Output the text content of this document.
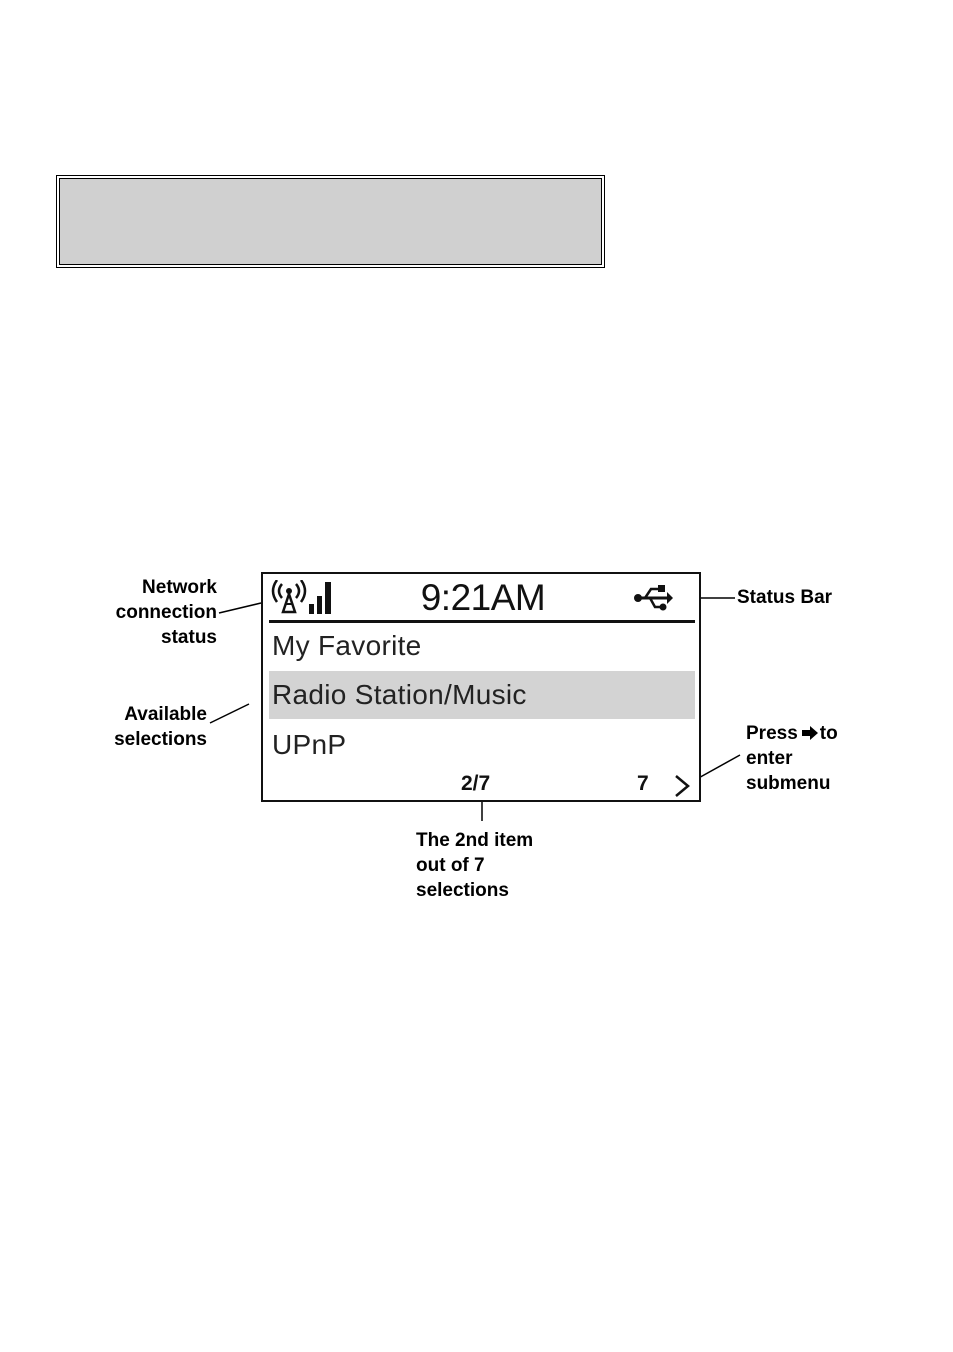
9:21AM
My Favorite
Radio Station/Music
UPnP
2/7	7
Network
connection
status
Available
selections
Status Bar
Press to
enter
submenu
The 2nd item
out of 7
selections
